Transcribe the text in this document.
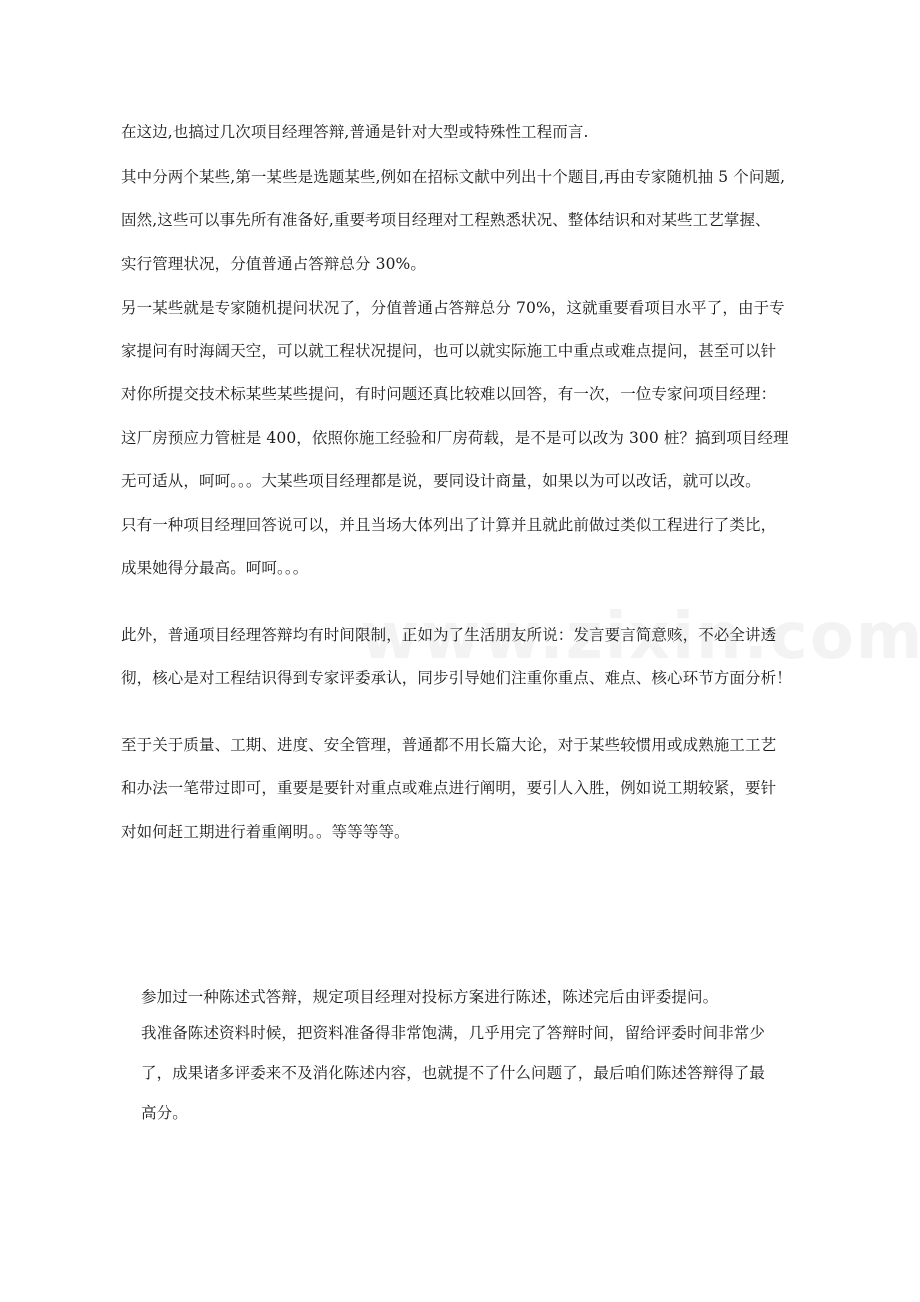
在这边,也搞过几次项目经理答辩,普通是针对大型或特殊性工程而言.
其中分两个某些,第一某些是选题某些,例如在招标文献中列出十个题目,再由专家随机抽 5 个问题,
固然,这些可以事先所有准备好,重要考项目经理对工程熟悉状况、整体结识和对某些工艺掌握、
实行管理状况，分值普通占答辩总分 30%。
另一某些就是专家随机提问状况了，分值普通占答辩总分 70%，这就重要看项目水平了，由于专
家提问有时海阔天空，可以就工程状况提问，也可以就实际施工中重点或难点提问，甚至可以针
对你所提交技术标某些某些提问，有时问题还真比较难以回答，有一次，一位专家问项目经理：
这厂房预应力管桩是 400，依照你施工经验和厂房荷载，是不是可以改为 300 桩？搞到项目经理
无可适从，呵呵。。。大某些项目经理都是说，要同设计商量，如果以为可以改话，就可以改。
只有一种项目经理回答说可以，并且当场大体列出了计算并且就此前做过类似工程进行了类比，
成果她得分最高。呵呵。。。
此外，普通项目经理答辩均有时间限制，正如为了生活朋友所说：发言要言简意赅，不必全讲透
彻，核心是对工程结识得到专家评委承认，同步引导她们注重你重点、难点、核心环节方面分析！
至于关于质量、工期、进度、安全管理，普通都不用长篇大论，对于某些较惯用或成熟施工工艺
和办法一笔带过即可，重要是要针对重点或难点进行阐明，要引人入胜，例如说工期较紧，要针
对如何赶工期进行着重阐明。。等等等等。
参加过一种陈述式答辩，规定项目经理对投标方案进行陈述，陈述完后由评委提问。
我准备陈述资料时候，把资料准备得非常饱满，几乎用完了答辩时间，留给评委时间非常少
了，成果诸多评委来不及消化陈述内容，也就提不了什么问题了，最后咱们陈述答辩得了最
高分。
